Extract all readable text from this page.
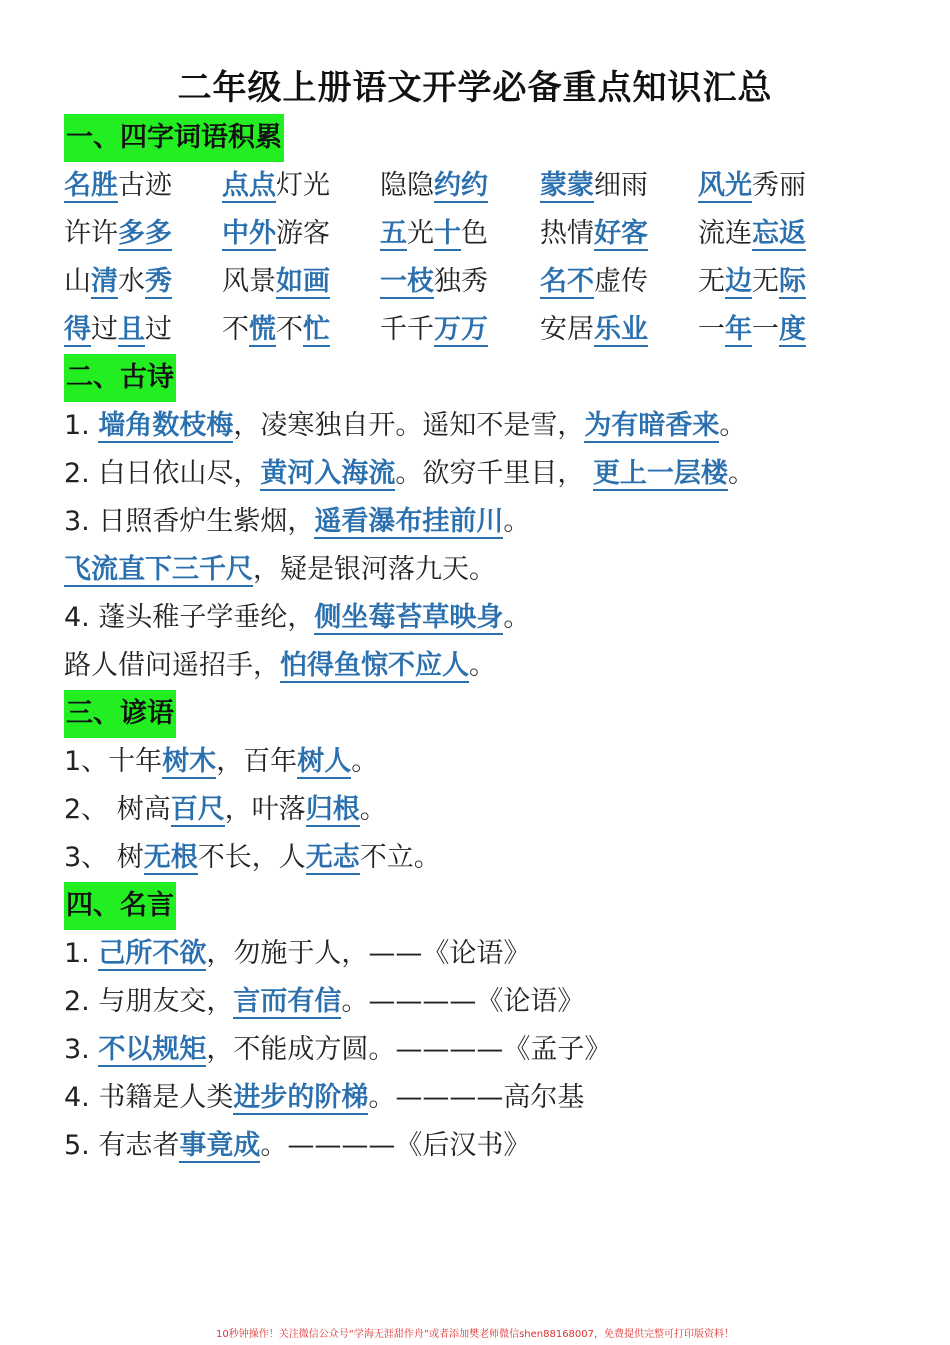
二年级上册语文开学必备重点知识汇总
一、四字词语积累
名胜古迹 点点灯光 隐隐约约 蒙蒙细雨 风光秀丽
许许多多 中外游客 五光十色 热情好客 流连忘返
山清水秀 风景如画 一枝独秀 名不虚传 无边无际
得过且过 不慌不忙 千千万万 安居乐业 一年一度
二、古诗
1. 墙角数枝梅，凌寒独自开。遥知不是雪，为有暗香来。
2. 白日依山尽，黄河入海流。欲穷千里目， 更上一层楼。
3. 日照香炉生紫烟，遥看瀑布挂前川。
飞流直下三千尺，疑是银河落九天。
4. 蓬头稚子学垂纶，侧坐莓苔草映身。
路人借问遥招手，怕得鱼惊不应人。
三、谚语
1、十年树木，百年树人。
2、 树高百尺，叶落归根。
3、 树无根不长，人无志不立。
四、名言
1. 己所不欲，勿施于人，——《论语》
2. 与朋友交，言而有信。————《论语》
3. 不以规矩，不能成方圆。————《孟子》
4. 书籍是人类进步的阶梯。————高尔基
5. 有志者事竟成。————《后汉书》
10秒钟操作！关注微信公众号“学海无涯甜作舟”或者添加樊老师微信shen88168007，免费提供完整可打印版资料！
